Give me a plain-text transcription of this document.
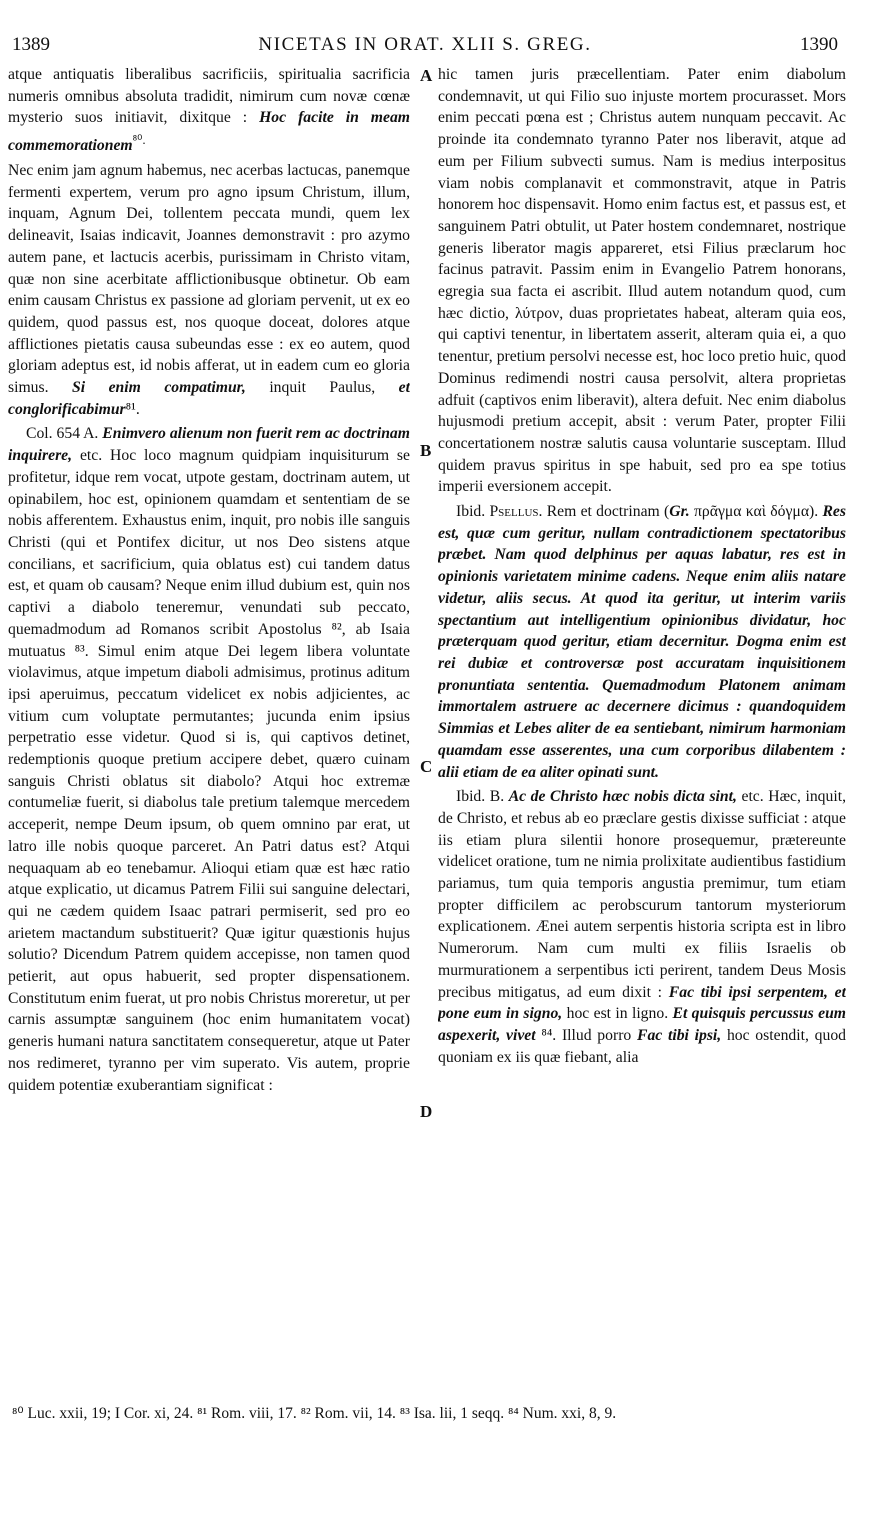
1389	NICETAS IN ORAT. XLII S. GREG.	1390
A
B
C
D

atque antiquatis liberalibus sacrificiis, spiritualia sacrificia numeris omnibus absoluta tradidit, nimirum cum novæ cœnæ mysterio suos initiavit, dixitque : Hoc facite in meam commemorationem$^{^{80}.}$

Nec enim jam agnum habemus, nec acerbas lactucas, panemque fermenti expertem, verum pro agno ipsum Christum, illum, inquam, Agnum Dei, tollentem peccata mundi, quem lex delineavit, Isaias indicavit, Joannes demonstravit : pro azymo autem pane, et lactucis acerbis, purissimam in Christo vitam, quæ non sine acerbitate afflictionibusque obtinetur. Ob eam enim causam Christus ex passione ad gloriam pervenit, ut ex eo quidem, quod passus est, nos quoque doceat, dolores atque afflictiones pietatis causa subeundas esse : ex eo autem, quod gloriam adeptus est, id nobis afferat, ut in eadem cum eo gloria simus. Si enim compatimur, inquit Paulus, et conglorificabimur⁸¹.

Col. 654 A. Enimvero alienum non fuerit rem ac doctrinam inquirere, etc. Hoc loco magnum quidpiam inquisiturum se profitetur, idque rem vocat, utpote gestam, doctrinam autem, ut opinabilem, hoc est, opinionem quamdam et sententiam de se nobis afferentem. Exhaustus enim, inquit, pro nobis ille sanguis Christi (qui et Pontifex dicitur, ut nos Deo sistens atque concilians, et sacrificium, quia oblatus est) cui tandem datus est, et quam ob causam? Neque enim illud dubium est, quin nos captivi a diabolo teneremur, venundati sub peccato, quemadmodum ad Romanos scribit Apostolus ⁸², ab Isaia mutuatus ⁸³. Simul enim atque Dei legem libera voluntate violavimus, atque impetum diaboli admisimus, protinus aditum ipsi aperuimus, peccatum videlicet ex nobis adjicientes, ac vitium cum voluptate permutantes; jucunda enim ipsius perpetratio esse videtur. Quod si is, qui captivos detinet, redemptionis quoque pretium accipere debet, quæro cuinam sanguis Christi oblatus sit diabolo? Atqui hoc extremæ contumeliæ fuerit, si diabolus tale pretium talemque mercedem acceperit, nempe Deum ipsum, ob quem omnino par erat, ut latro ille nobis quoque parceret. An Patri datus est? Atqui nequaquam ab eo tenebamur. Alioqui etiam quæ est hæc ratio atque explicatio, ut dicamus Patrem Filii sui sanguine delectari, qui ne cædem quidem Isaac patrari permiserit, sed pro eo arietem mactandum substituerit? Quæ igitur quæstionis hujus solutio? Dicendum Patrem quidem accepisse, non tamen quod petierit, aut opus habuerit, sed propter dispensationem. Constitutum enim fuerat, ut pro nobis Christus moreretur, ut per carnis assumptæ sanguinem (hoc enim humanitatem vocat) generis humani natura sanctitatem consequeretur, atque ut Pater nos redimeret, tyranno per vim superato. Vis autem, proprie quidem potentiæ exuberantiam significat :

hic tamen juris præcellentiam. Pater enim diabolum condemnavit, ut qui Filio suo injuste mortem procurasset. Mors enim peccati pœna est ; Christus autem nunquam peccavit. Ac proinde ita condemnato tyranno Pater nos liberavit, atque ad eum per Filium subvecti sumus. Nam is medius interpositus viam nobis complanavit et commonstravit, atque in Patris honorem hoc dispensavit. Homo enim factus est, et passus est, et sanguinem Patri obtulit, ut Pater hostem condemnaret, nostrique generis liberator magis appareret, etsi Filius præclarum hoc facinus patravit. Passim enim in Evangelio Patrem honorans, egregia sua facta ei ascribit. Illud autem notandum quod, cum hæc dictio, λύτρον, duas proprietates habeat, alteram quia eos, qui captivi tenentur, in libertatem asserit, alteram quia ei, a quo tenentur, pretium persolvi necesse est, hoc loco pretio huic, quod Dominus redimendi nostri causa persolvit, altera proprietas adfuit (captivos enim liberavit), altera defuit. Nec enim diabolus hujusmodi pretium accepit, absit : verum Pater, propter Filii concertationem nostræ salutis causa voluntarie susceptam. Illud quidem pravus spiritus in spe habuit, sed pro ea spe totius imperii eversionem accepit.

Ibid. Psellus. Rem et doctrinam (Gr. πρᾶγμα καὶ δόγμα). Res est, quæ cum geritur, nullam contradictionem spectatoribus præbet. Nam quod delphinus per aquas labatur, res est in opinionis varietatem minime cadens. Neque enim aliis natare videtur, aliis secus. At quod ita geritur, ut interim variis spectantium aut intelligentium opinionibus dividatur, hoc præterquam quod geritur, etiam decernitur. Dogma enim est rei dubiæ et controversæ post accuratam inquisitionem pronuntiata sententia. Quemadmodum Platonem animam immortalem astruere ac decernere dicimus : quandoquidem Simmias et Lebes aliter de ea sentiebant, nimirum harmoniam quamdam esse asserentes, una cum corporibus dilabentem : alii etiam de ea aliter opinati sunt.

Ibid. B. Ac de Christo hæc nobis dicta sint, etc. Hæc, inquit, de Christo, et rebus ab eo præclare gestis dixisse sufficiat : atque iis etiam plura silentii honore prosequemur, prætereunte videlicet oratione, tum ne nimia prolixitate audientibus fastidium pariamus, tum quia temporis angustia premimur, tum etiam propter difficilem ac perobscurum tantorum mysteriorum explicationem. Ænei autem serpentis historia scripta est in libro Numerorum. Nam cum multi ex filiis Israelis ob murmurationem a serpentibus icti perirent, tandem Deus Mosis precibus mitigatus, ad eum dixit : Fac tibi ipsi serpentem, et pone eum in signo, hoc est in ligno. Et quisquis percussus eum aspexerit, vivet ⁸⁴. Illud porro Fac tibi ipsi, hoc ostendit, quod quoniam ex iis quæ fiebant, alia

⁸⁰ Luc. xxii, 19; I Cor. xi, 24. ⁸¹ Rom. viii, 17. ⁸² Rom. vii, 14. ⁸³ Isa. lii, 1 seqq. ⁸⁴ Num. xxi, 8, 9.
